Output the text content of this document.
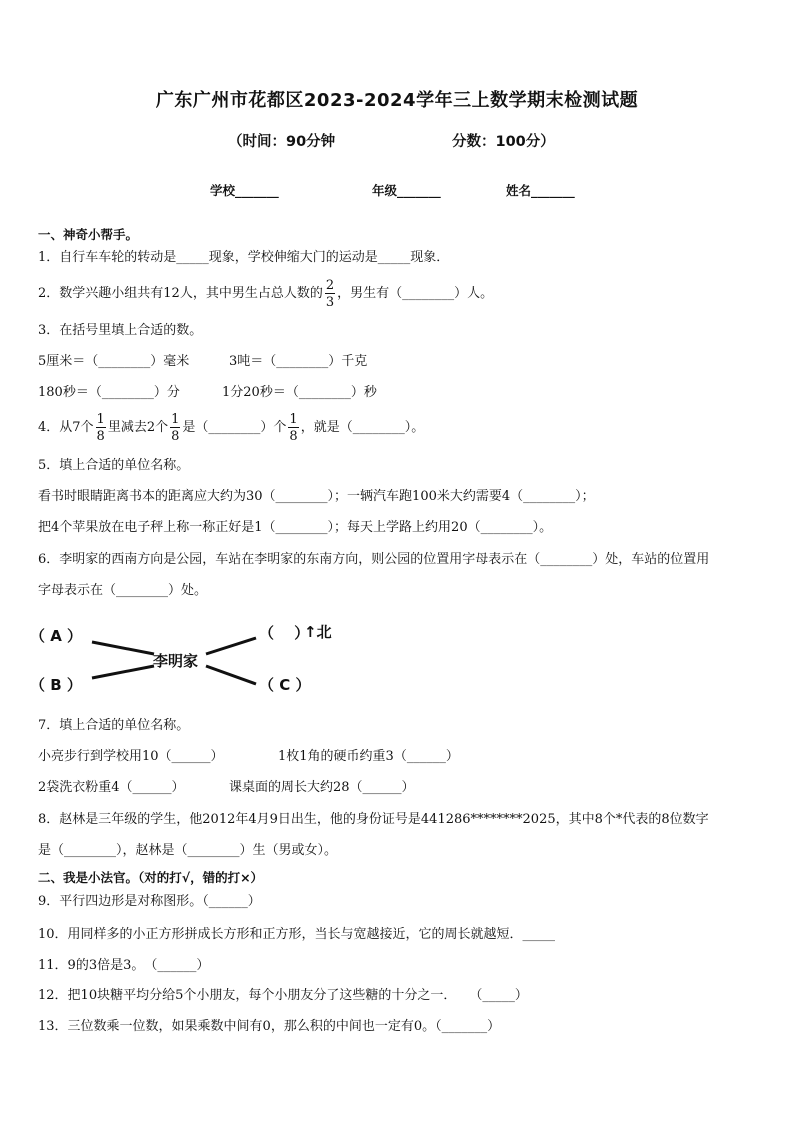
广东广州市花都区2023-2024学年三上数学期末检测试题
（时间：90分钟	分数：100分）
学校_______	年级_______	姓名_______
一、神奇小帮手。
1．自行车车轮的转动是_____现象，学校伸缩大门的运动是_____现象．
2．数学兴趣小组共有12人，其中男生占总人数的 $\frac{2}{3}$ ，男生有（________）人。
3．在括号里填上合适的数。
5厘米＝（________）毫米	3吨＝（________）千克
180秒＝（________）分	1分20秒＝（________）秒
4．从7个 $\frac{1}{8}$ 里减去2个 $\frac{1}{8}$ 是（________）个 $\frac{1}{8}$ ，就是（________）。
5．填上合适的单位名称。
看书时眼睛距离书本的距离应大约为30（________）；一辆汽车跑100米大约需要4（________）；
把4个苹果放在电子秤上称一称正好是1（________）；每天上学路上约用20（________）。
6．李明家的西南方向是公园，车站在李明家的东南方向，则公园的位置用字母表示在（________）处，车站的位置用
字母表示在（________）处。
（ A ）
（ B ）
李明家
（　 ）
↑北
（ C ）
7．填上合适的单位名称。
小亮步行到学校用10（______）	1枚1角的硬币约重3（______）
2袋洗衣粉重4（______）	课桌面的周长大约28（______）
8．赵林是三年级的学生，他2012年4月9日出生，他的身份证号是441286********2025，其中8个*代表的8位数字
是（________），赵林是（________）生（男或女）。
二、我是小法官。（对的打√，错的打×）
9．平行四边形是对称图形。（______）
10．用同样多的小正方形拼成长方形和正方形，当长与宽越接近，它的周长就越短．_____
11．9的3倍是3。　（______）
12．把10块糖平均分给5个小朋友，每个小朋友分了这些糖的十分之一．　　（_____）
13．三位数乘一位数，如果乘数中间有0，那么积的中间也一定有0。（_______）
